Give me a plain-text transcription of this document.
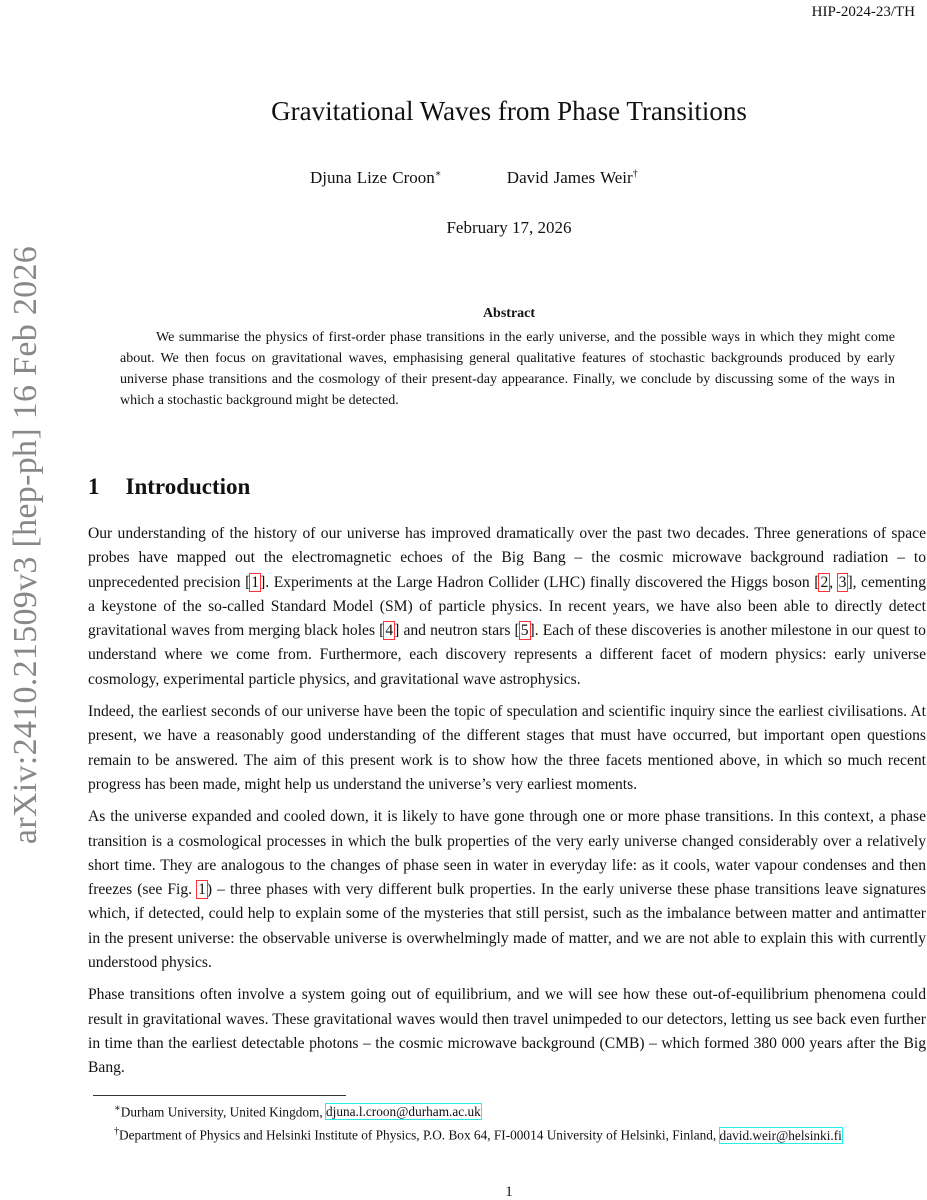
HIP-2024-23/TH
arXiv:2410.21509v3 [hep-ph] 16 Feb 2026
Gravitational Waves from Phase Transitions
Djuna Lize Croon∗	David James Weir†
February 17, 2026
Abstract

We summarise the physics of first-order phase transitions in the early universe, and the possible ways in which they might come about. We then focus on gravitational waves, emphasising general qualitative features of stochastic backgrounds produced by early universe phase transitions and the cosmology of their present-day appearance. Finally, we conclude by discussing some of the ways in which a stochastic background might be detected.

1 Introduction

Our understanding of the history of our universe has improved dramatically over the past two decades. Three generations of space probes have mapped out the electromagnetic echoes of the Big Bang – the cosmic microwave background radiation – to unprecedented precision [1]. Experiments at the Large Hadron Collider (LHC) finally discovered the Higgs boson [2, 3], cementing a keystone of the so-called Standard Model (SM) of particle physics. In recent years, we have also been able to directly detect gravitational waves from merging black holes [4] and neutron stars [5]. Each of these discoveries is another milestone in our quest to understand where we come from. Furthermore, each discovery represents a different facet of modern physics: early universe cosmology, experimental particle physics, and gravitational wave astrophysics.

Indeed, the earliest seconds of our universe have been the topic of speculation and scientific inquiry since the earliest civilisations. At present, we have a reasonably good understanding of the different stages that must have occurred, but important open questions remain to be answered. The aim of this present work is to show how the three facets mentioned above, in which so much recent progress has been made, might help us understand the universe’s very earliest moments.

As the universe expanded and cooled down, it is likely to have gone through one or more phase transitions. In this context, a phase transition is a cosmological processes in which the bulk properties of the very early universe changed considerably over a relatively short time. They are analogous to the changes of phase seen in water in everyday life: as it cools, water vapour condenses and then freezes (see Fig. 1) – three phases with very different bulk properties. In the early universe these phase transitions leave signatures which, if detected, could help to explain some of the mysteries that still persist, such as the imbalance between matter and antimatter in the present universe: the observable universe is overwhelmingly made of matter, and we are not able to explain this with currently understood physics.

Phase transitions often involve a system going out of equilibrium, and we will see how these out-of-equilibrium phenomena could result in gravitational waves. These gravitational waves would then travel unimpeded to our detectors, letting us see back even further in time than the earliest detectable photons – the cosmic microwave background (CMB) – which formed 380 000 years after the Big Bang.

∗Durham University, United Kingdom, djuna.l.croon@durham.ac.uk
†Department of Physics and Helsinki Institute of Physics, P.O. Box 64, FI-00014 University of Helsinki, Finland, david.weir@helsinki.fi
1
